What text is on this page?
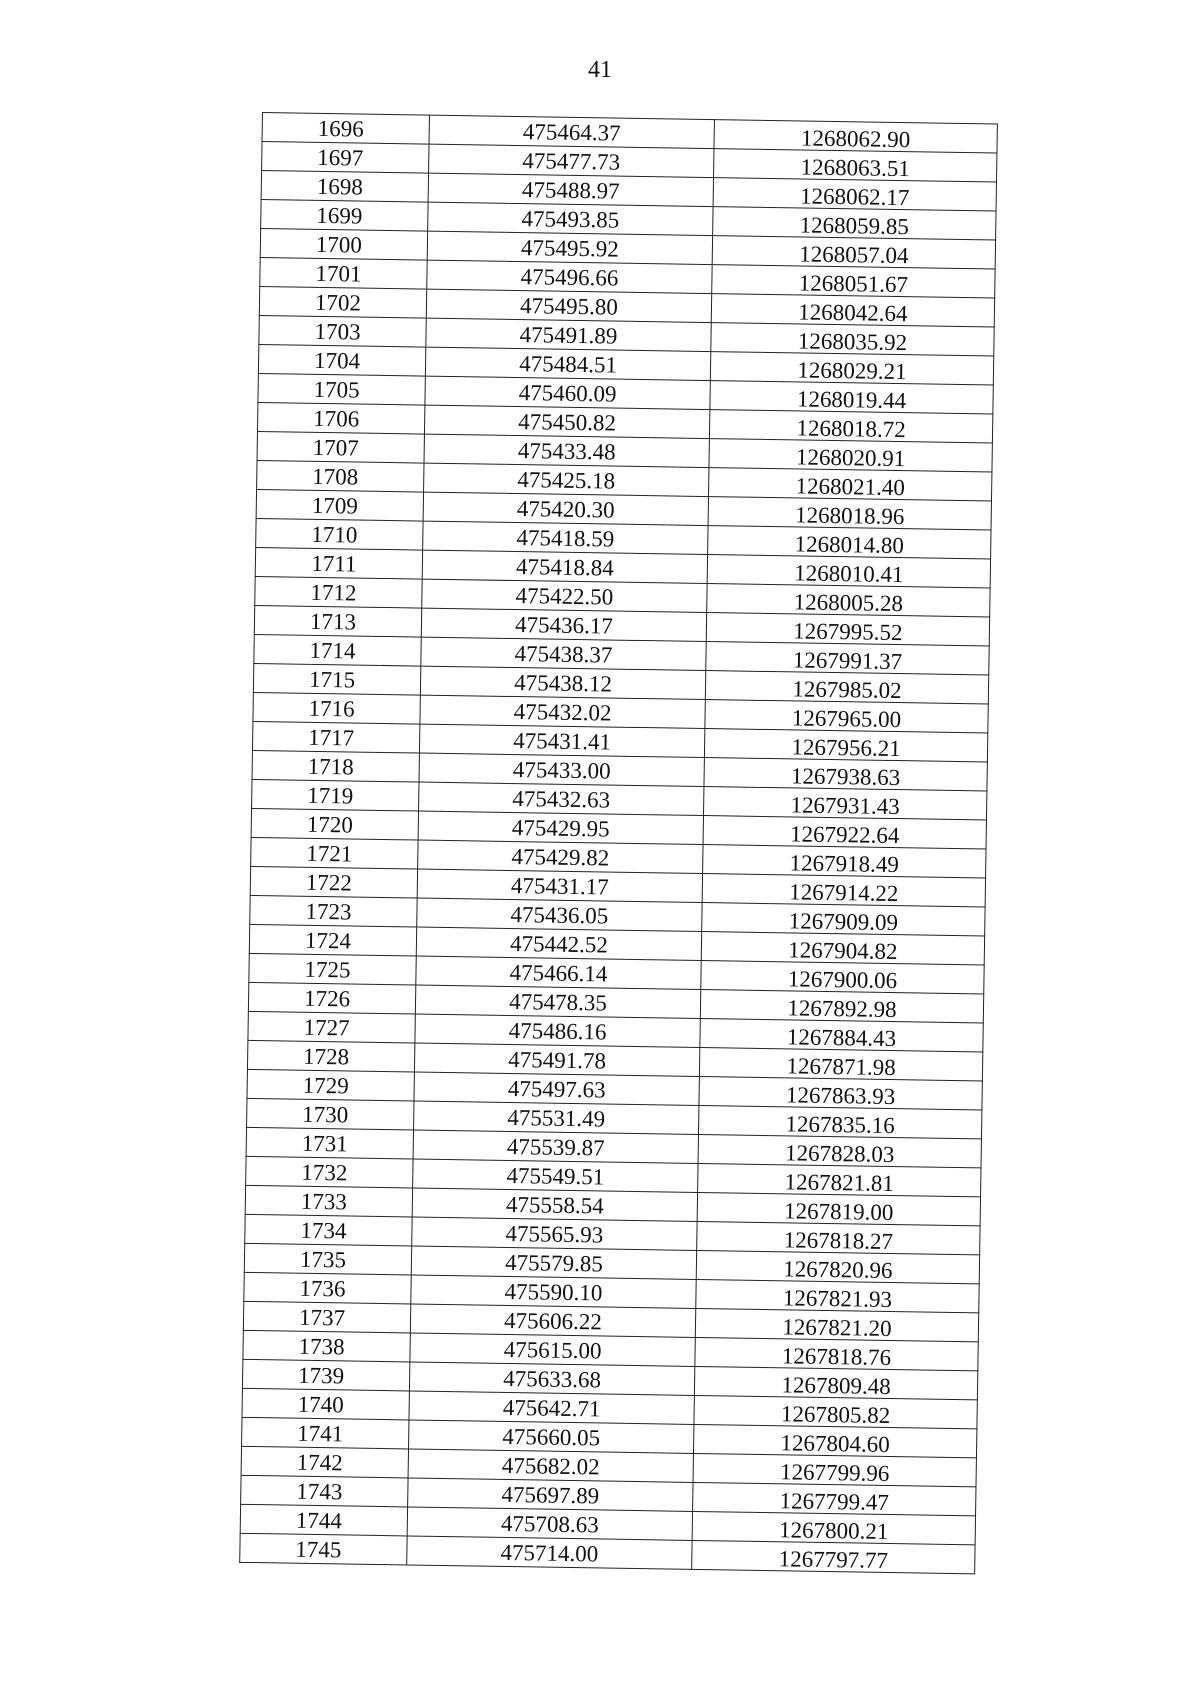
41
1696	475464.37	1268062.90
1697	475477.73	1268063.51
1698	475488.97	1268062.17
1699	475493.85	1268059.85
1700	475495.92	1268057.04
1701	475496.66	1268051.67
1702	475495.80	1268042.64
1703	475491.89	1268035.92
1704	475484.51	1268029.21
1705	475460.09	1268019.44
1706	475450.82	1268018.72
1707	475433.48	1268020.91
1708	475425.18	1268021.40
1709	475420.30	1268018.96
1710	475418.59	1268014.80
1711	475418.84	1268010.41
1712	475422.50	1268005.28
1713	475436.17	1267995.52
1714	475438.37	1267991.37
1715	475438.12	1267985.02
1716	475432.02	1267965.00
1717	475431.41	1267956.21
1718	475433.00	1267938.63
1719	475432.63	1267931.43
1720	475429.95	1267922.64
1721	475429.82	1267918.49
1722	475431.17	1267914.22
1723	475436.05	1267909.09
1724	475442.52	1267904.82
1725	475466.14	1267900.06
1726	475478.35	1267892.98
1727	475486.16	1267884.43
1728	475491.78	1267871.98
1729	475497.63	1267863.93
1730	475531.49	1267835.16
1731	475539.87	1267828.03
1732	475549.51	1267821.81
1733	475558.54	1267819.00
1734	475565.93	1267818.27
1735	475579.85	1267820.96
1736	475590.10	1267821.93
1737	475606.22	1267821.20
1738	475615.00	1267818.76
1739	475633.68	1267809.48
1740	475642.71	1267805.82
1741	475660.05	1267804.60
1742	475682.02	1267799.96
1743	475697.89	1267799.47
1744	475708.63	1267800.21
1745	475714.00	1267797.77
